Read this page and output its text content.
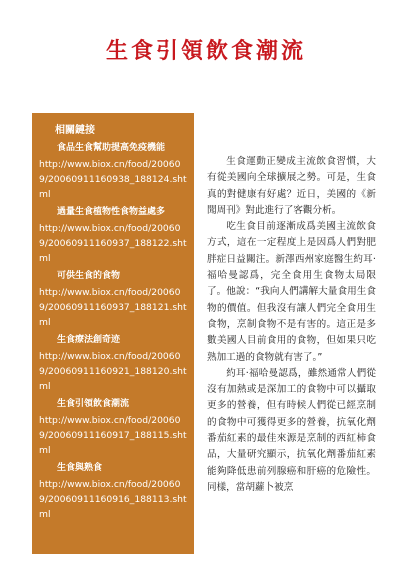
生食引領飲食潮流
相關鏈接
食品生食幫助提高免疫機能
http://www.biox.cn/food/200609/20060911160938_188124.shtml
過量生食植物性食物益處多
http://www.biox.cn/food/200609/20060911160937_188122.shtml
可供生食的食物
http://www.biox.cn/food/200609/20060911160937_188121.shtml
生食療法創奇迹
http://www.biox.cn/food/200609/20060911160921_188120.shtml
生食引領飲食潮流
http://www.biox.cn/food/200609/20060911160917_188115.shtml
生食與熟食
http://www.biox.cn/food/200609/20060911160916_188113.shtml

生食運動正變成主流飲食習慣，大有從美國向全球擴展之勢。可是，生食真的對健康有好處？近日，美國的《新聞周刊》對此進行了客觀分析。

吃生食目前逐漸成爲美國主流飲食方式，這在一定程度上是因爲人們對肥胖症日益關注。新澤西州家庭醫生約耳·福哈曼認爲，完全食用生食物太局限了。他說：“我向人們講解大量食用生食物的價值。但我沒有讓人們完全食用生食物，烹制食物不是有害的。這正是多數美國人目前食用的食物，但如果只吃熟加工過的食物就有害了。”

約耳·福哈曼認爲，雖然通常人們從沒有加熱或是深加工的食物中可以攝取更多的營養，但有時候人們從已經烹制的食物中可獲得更多的營養，抗氧化劑番茄紅素的最佳來源是烹制的西紅柿食品，大量研究顯示，抗氧化劑番茄紅素能夠降低患前列腺癌和肝癌的危險性。同樣，當胡蘿卜被烹
